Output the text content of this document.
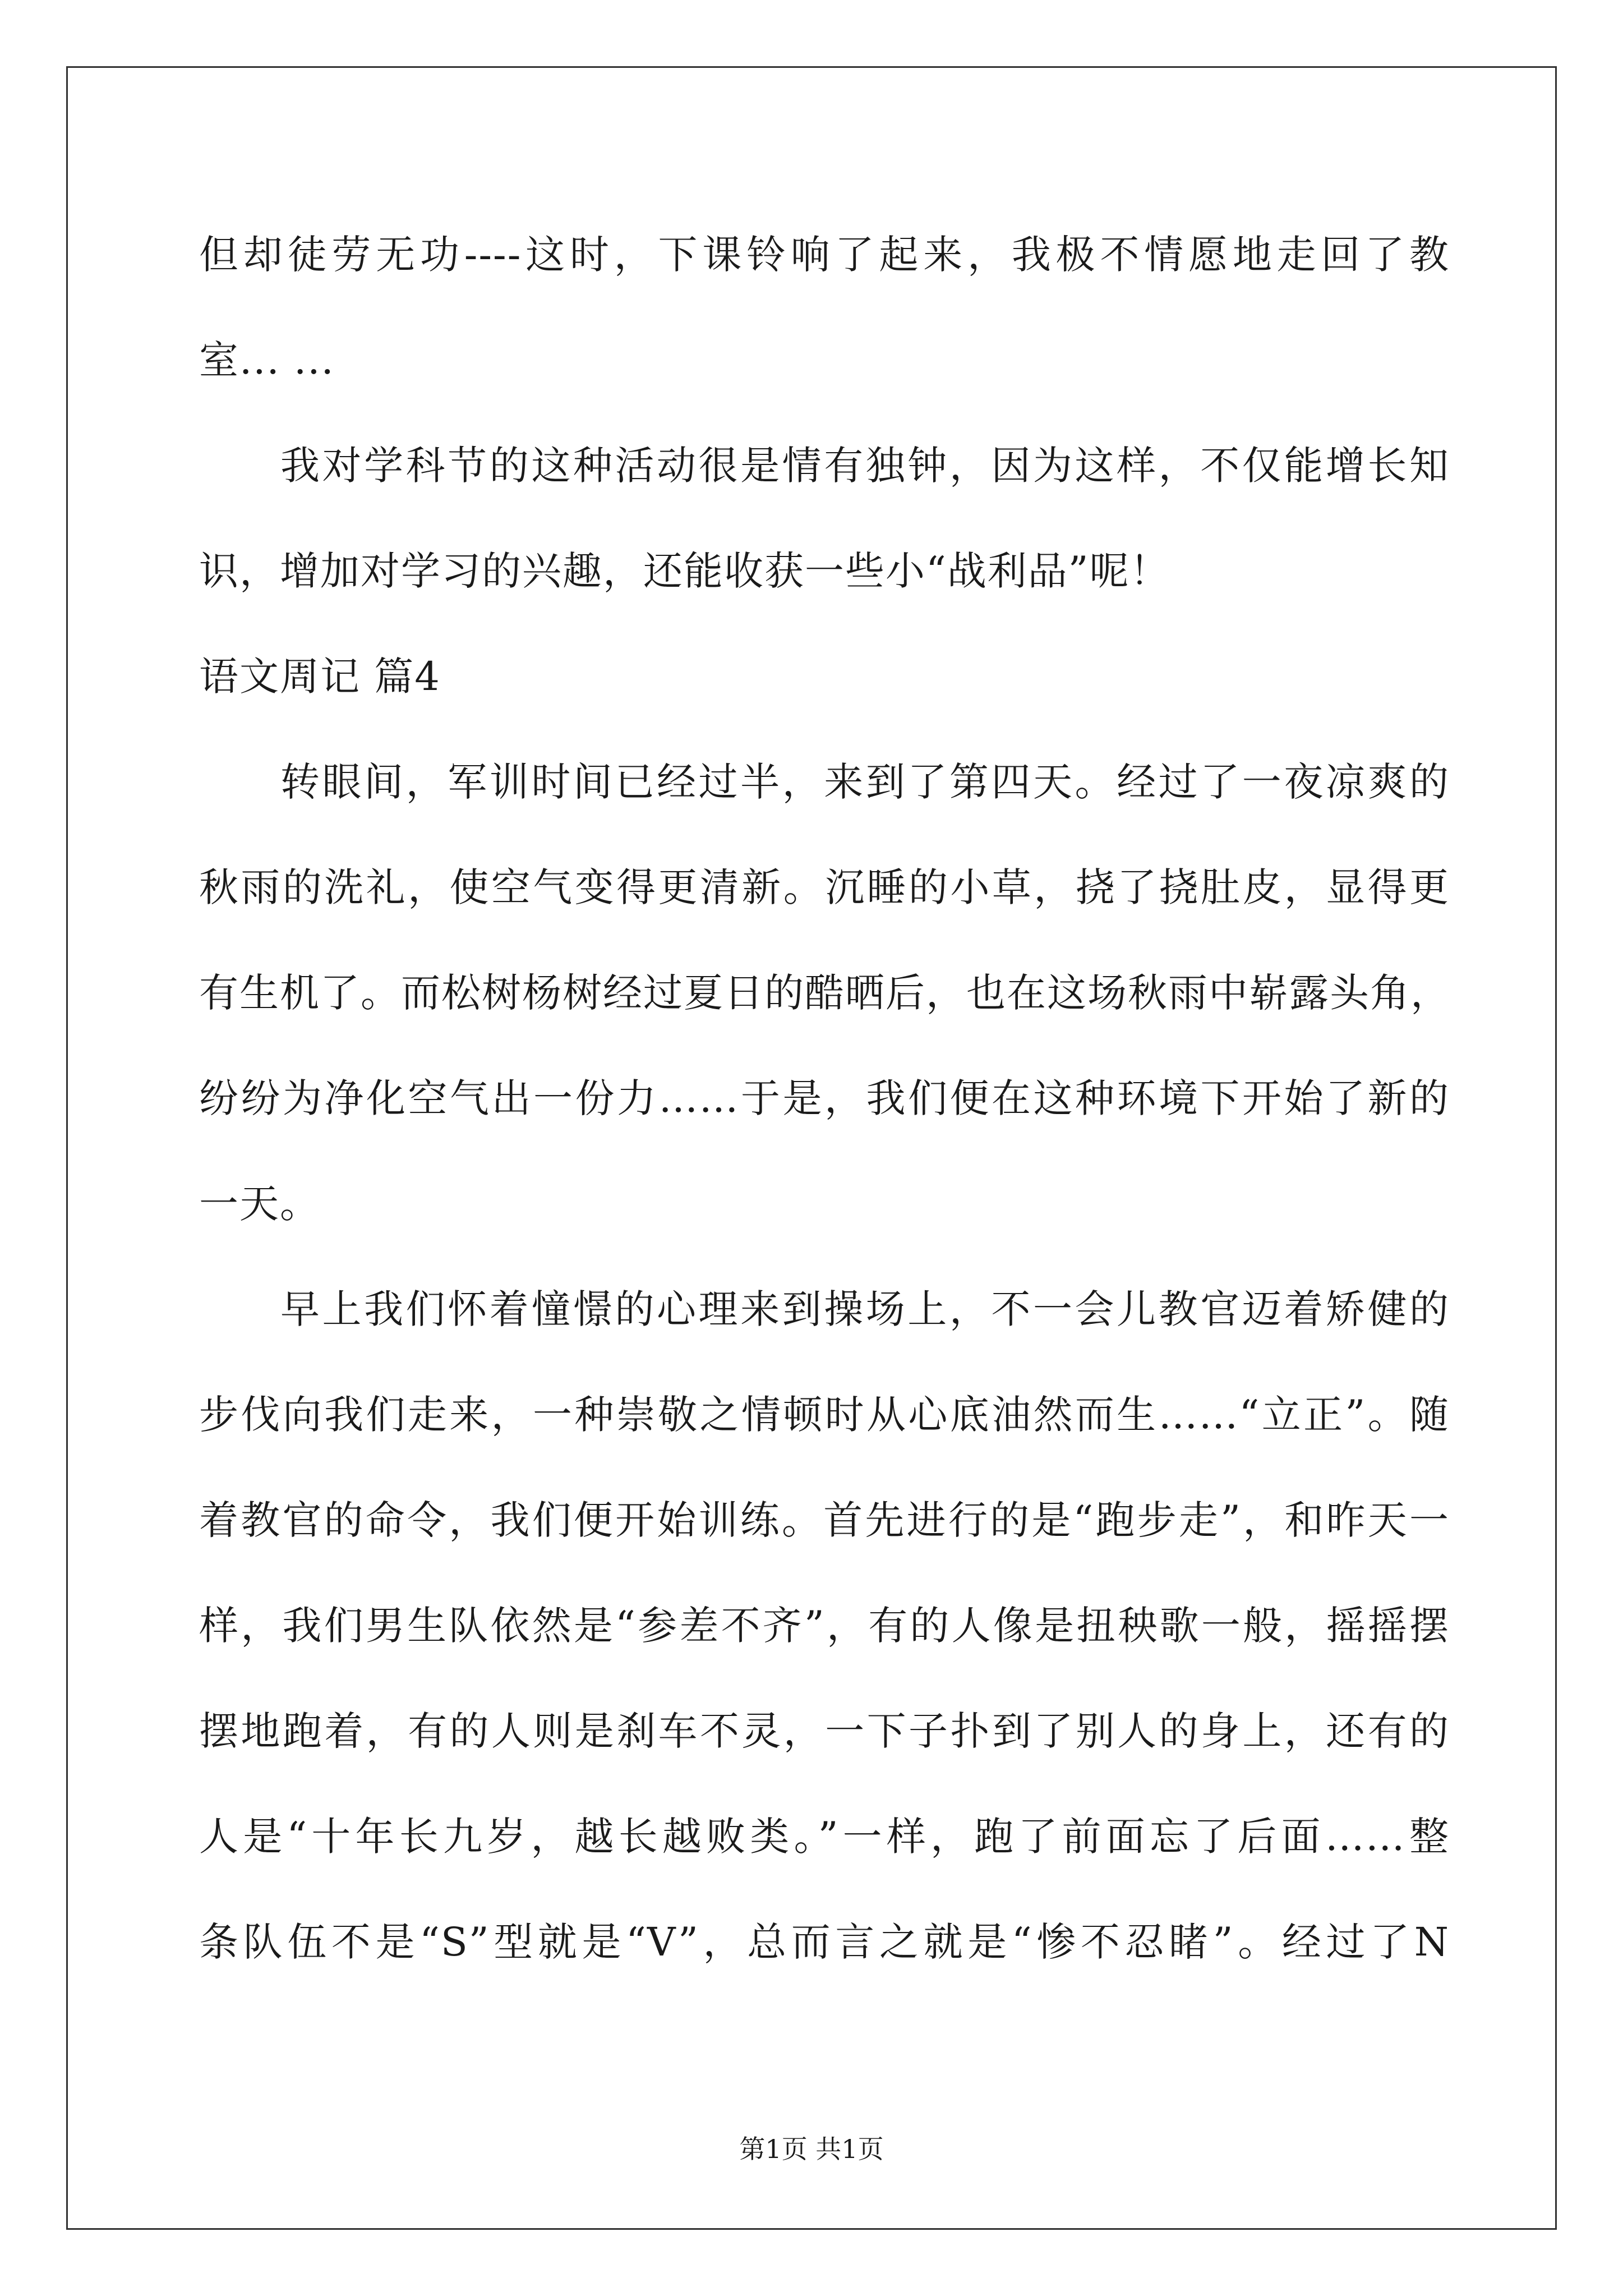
但却徒劳无功----这时，下课铃响了起来，我极不情愿地走回了教
室... ...
我对学科节的这种活动很是情有独钟，因为这样，不仅能增长知
识，增加对学习的兴趣，还能收获一些小“战利品”呢！
语文周记 篇4
转眼间，军训时间已经过半，来到了第四天。经过了一夜凉爽的
秋雨的洗礼，使空气变得更清新。沉睡的小草，挠了挠肚皮，显得更
有生机了。而松树杨树经过夏日的酷晒后，也在这场秋雨中崭露头角，
纷纷为净化空气出一份力……于是，我们便在这种环境下开始了新的
一天。
早上我们怀着憧憬的心理来到操场上，不一会儿教官迈着矫健的
步伐向我们走来，一种崇敬之情顿时从心底油然而生……“立正”。随
着教官的命令，我们便开始训练。首先进行的是“跑步走”，和昨天一
样，我们男生队依然是“参差不齐”，有的人像是扭秧歌一般，摇摇摆
摆地跑着，有的人则是刹车不灵，一下子扑到了别人的身上，还有的
人是“十年长九岁，越长越败类。”一样，跑了前面忘了后面……整
条队伍不是“S”型就是“V”，总而言之就是“惨不忍睹”。经过了N
第1页 共1页
